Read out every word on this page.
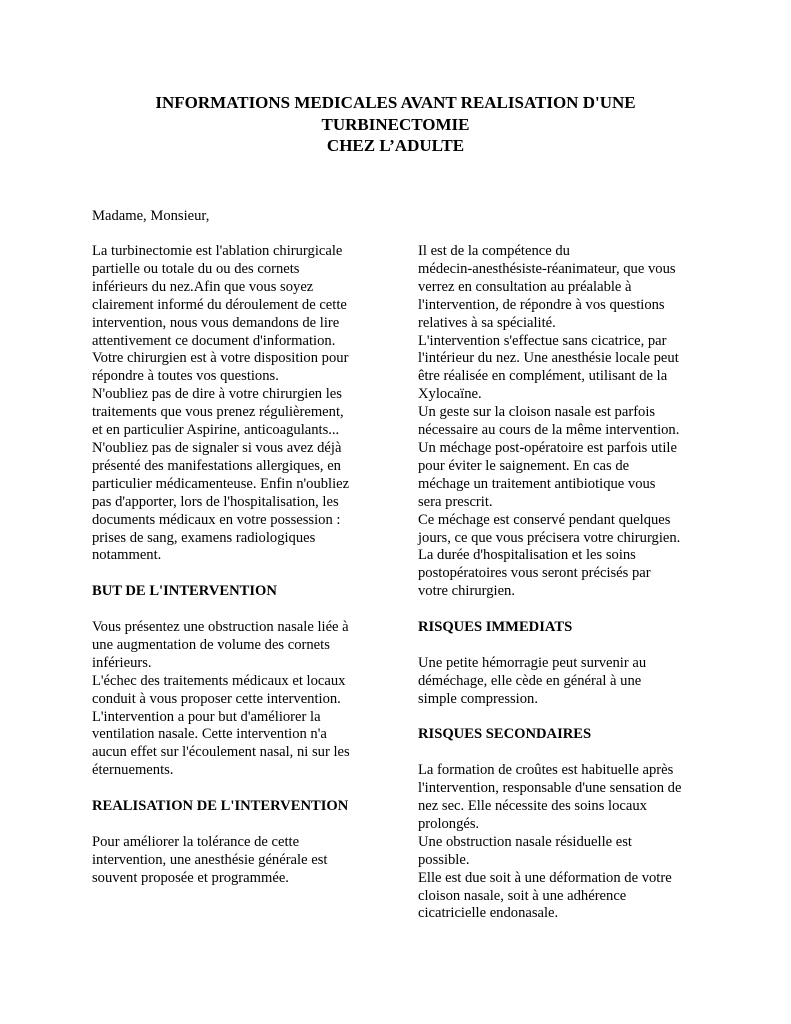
INFORMATIONS MEDICALES AVANT REALISATION D'UNE
TURBINECTOMIE
CHEZ L’ADULTE

Madame, Monsieur,

La turbinectomie est l'ablation chirurgicale
partielle ou totale du ou des cornets
inférieurs du nez.Afin que vous soyez
clairement informé du déroulement de cette
intervention, nous vous demandons de lire
attentivement ce document d'information.
Votre chirurgien est à votre disposition pour
répondre à toutes vos questions.
N'oubliez pas de dire à votre chirurgien les
traitements que vous prenez régulièrement,
et en particulier Aspirine, anticoagulants...
N'oubliez pas de signaler si vous avez déjà
présenté des manifestations allergiques, en
particulier médicamenteuse. Enfin n'oubliez
pas d'apporter, lors de l'hospitalisation, les
documents médicaux en votre possession :
prises de sang, examens radiologiques
notamment.

BUT DE L'INTERVENTION

Vous présentez une obstruction nasale liée à
une augmentation de volume des cornets
inférieurs.
L'échec des traitements médicaux et locaux
conduit à vous proposer cette intervention.
L'intervention a pour but d'améliorer la
ventilation nasale. Cette intervention n'a
aucun effet sur l'écoulement nasal, ni sur les
éternuements.

REALISATION DE L'INTERVENTION

Pour améliorer la tolérance de cette
intervention, une anesthésie générale est
souvent proposée et programmée.

Il est de la compétence du
médecin-anesthésiste-réanimateur, que vous
verrez en consultation au préalable à
l'intervention, de répondre à vos questions
relatives à sa spécialité.
L'intervention s'effectue sans cicatrice, par
l'intérieur du nez. Une anesthésie locale peut
être réalisée en complément, utilisant de la
Xylocaïne.
Un geste sur la cloison nasale est parfois
nécessaire au cours de la même intervention.
Un méchage post-opératoire est parfois utile
pour éviter le saignement. En cas de
méchage un traitement antibiotique vous
sera prescrit.
Ce méchage est conservé pendant quelques
jours, ce que vous précisera votre chirurgien.
La durée d'hospitalisation et les soins
postopératoires vous seront précisés par
votre chirurgien.

RISQUES IMMEDIATS

Une petite hémorragie peut survenir au
déméchage, elle cède en général à une
simple compression.

RISQUES SECONDAIRES

La formation de croûtes est habituelle après
l'intervention, responsable d'une sensation de
nez sec. Elle nécessite des soins locaux
prolongés.
Une obstruction nasale résiduelle est
possible.
Elle est due soit à une déformation de votre
cloison nasale, soit à une adhérence
cicatricielle endonasale.
